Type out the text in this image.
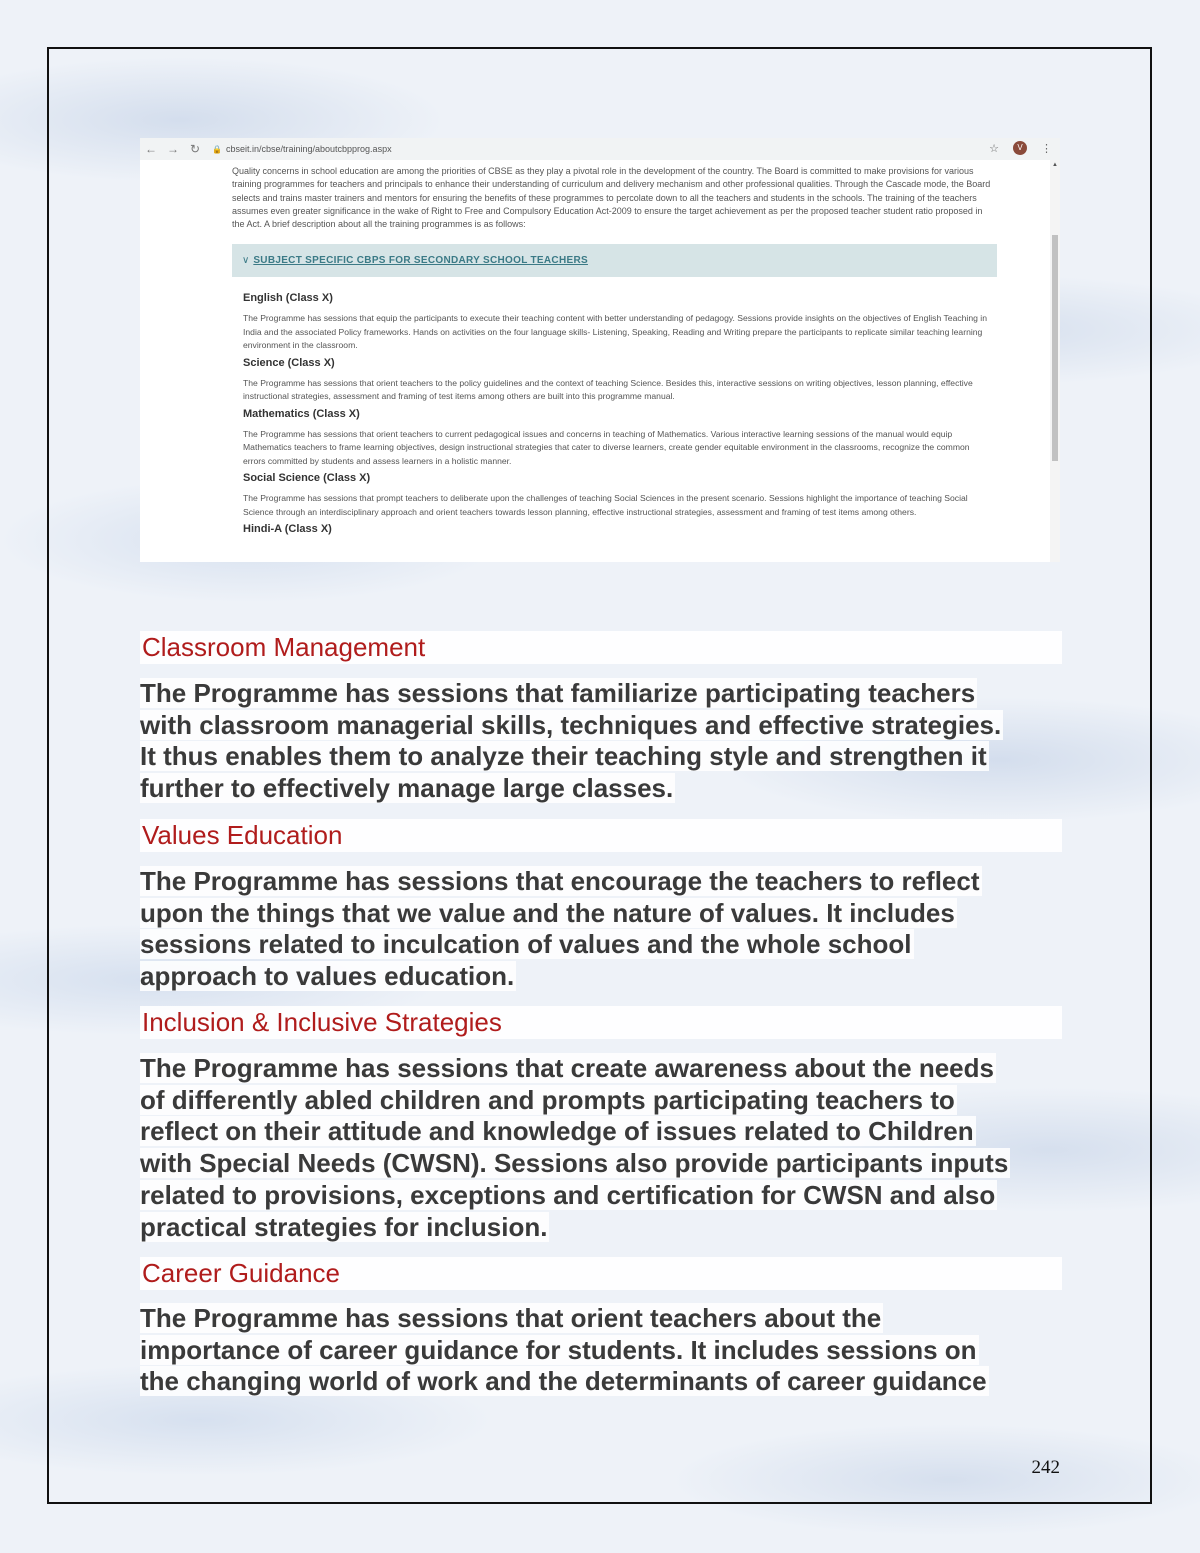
← → ↻	🔒 cbseit.in/cbse/training/aboutcbpprog.aspx	☆	V	⋮
Quality concerns in school education are among the priorities of CBSE as they play a pivotal role in the development of the country. The Board is committed to make provisions for various training programmes for teachers and principals to enhance their understanding of curriculum and delivery mechanism and other professional qualities. Through the Cascade mode, the Board selects and trains master trainers and mentors for ensuring the benefits of these programmes to percolate down to all the teachers and students in the schools. The training of the teachers assumes even greater significance in the wake of Right to Free and Compulsory Education Act-2009 to ensure the target achievement as per the proposed teacher student ratio proposed in the Act. A brief description about all the training programmes is as follows:
∨ SUBJECT SPECIFIC CBPS FOR SECONDARY SCHOOL TEACHERS

English (Class X)

The Programme has sessions that equip the participants to execute their teaching content with better understanding of pedagogy. Sessions provide insights on the objectives of English Teaching in India and the associated Policy frameworks. Hands on activities on the four language skills- Listening, Speaking, Reading and Writing prepare the participants to replicate similar teaching learning environment in the classroom.

Science (Class X)

The Programme has sessions that orient teachers to the policy guidelines and the context of teaching Science. Besides this, interactive sessions on writing objectives, lesson planning, effective instructional strategies, assessment and framing of test items among others are built into this programme manual.

Mathematics (Class X)

The Programme has sessions that orient teachers to current pedagogical issues and concerns in teaching of Mathematics. Various interactive learning sessions of the manual would equip Mathematics teachers to frame learning objectives, design instructional strategies that cater to diverse learners, create gender equitable environment in the classrooms, recognize the common errors committed by students and assess learners in a holistic manner.

Social Science (Class X)

The Programme has sessions that prompt teachers to deliberate upon the challenges of teaching Social Sciences in the present scenario. Sessions highlight the importance of teaching Social Science through an interdisciplinary approach and orient teachers towards lesson planning, effective instructional strategies, assessment and framing of test items among others.

Hindi-A (Class X)

▲
Classroom Management
The Programme has sessions that familiarize participating teachers
with classroom managerial skills, techniques and effective strategies.
It thus enables them to analyze their teaching style and strengthen it
further to effectively manage large classes.
Values Education
The Programme has sessions that encourage the teachers to reflect
upon the things that we value and the nature of values. It includes
sessions related to inculcation of values and the whole school
approach to values education.
Inclusion & Inclusive Strategies
The Programme has sessions that create awareness about the needs
of differently abled children and prompts participating teachers to
reflect on their attitude and knowledge of issues related to Children
with Special Needs (CWSN). Sessions also provide participants inputs
related to provisions, exceptions and certification for CWSN and also
practical strategies for inclusion.
Career Guidance
The Programme has sessions that orient teachers about the
importance of career guidance for students. It includes sessions on
the changing world of work and the determinants of career guidance
242
